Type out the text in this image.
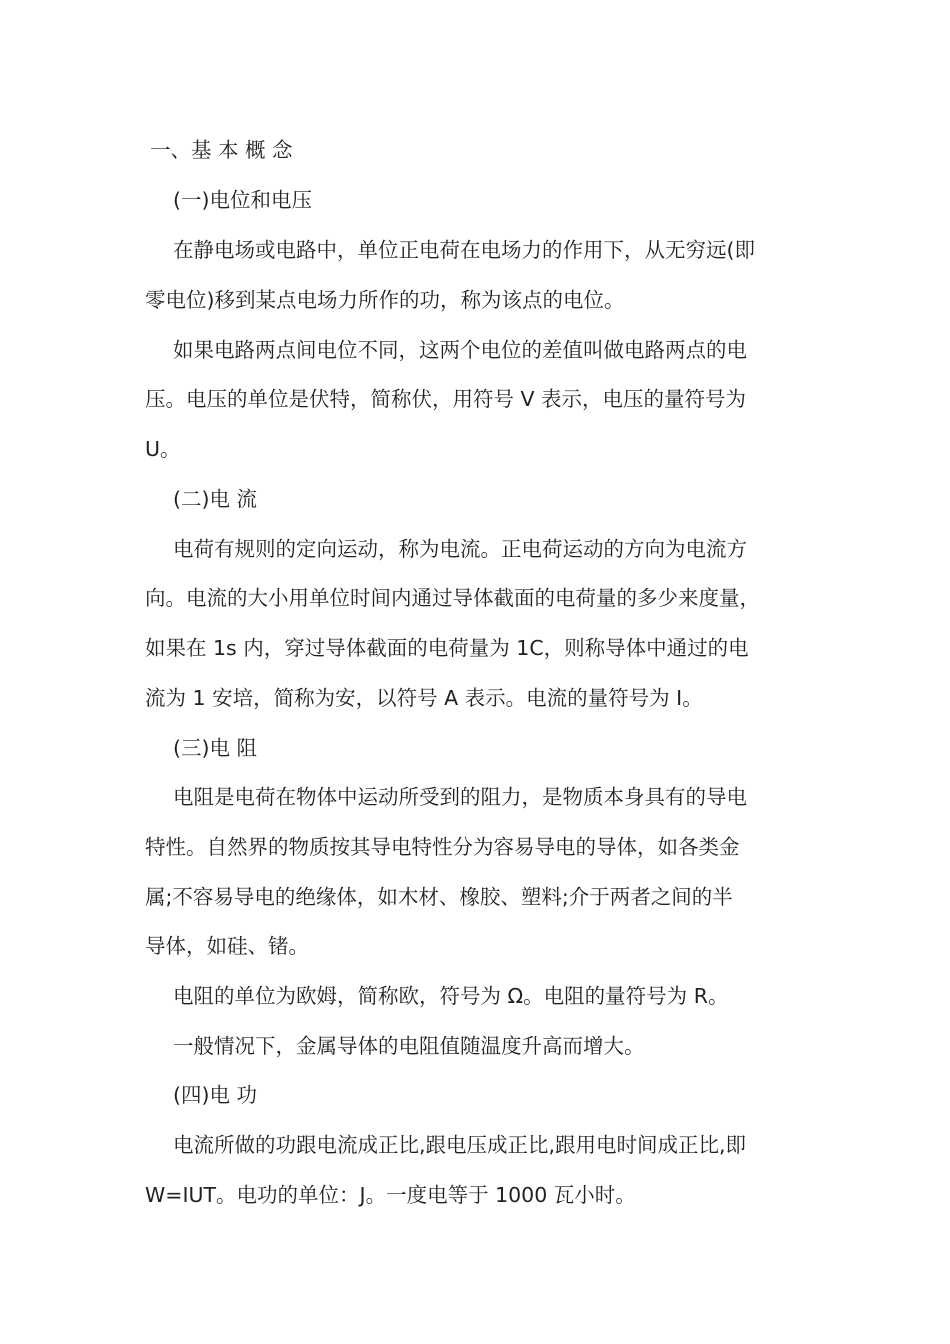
一、基 本 概 念
(一)电位和电压
在静电场或电路中，单位正电荷在电场力的作用下，从无穷远(即
零电位)移到某点电场力所作的功，称为该点的电位。
如果电路两点间电位不同，这两个电位的差值叫做电路两点的电
压。电压的单位是伏特，简称伏，用符号 V 表示，电压的量符号为
U。
(二)电 流
电荷有规则的定向运动，称为电流。正电荷运动的方向为电流方
向。电流的大小用单位时间内通过导体截面的电荷量的多少来度量，
如果在 1s 内，穿过导体截面的电荷量为 1C，则称导体中通过的电
流为 1 安培，简称为安，以符号 A 表示。电流的量符号为 I。
(三)电 阻
电阻是电荷在物体中运动所受到的阻力，是物质本身具有的导电
特性。自然界的物质按其导电特性分为容易导电的导体，如各类金
属;不容易导电的绝缘体，如木材、橡胶、塑料;介于两者之间的半
导体，如硅、锗。
电阻的单位为欧姆，简称欧，符号为 Ω。电阻的量符号为 R。
一般情况下，金属导体的电阻值随温度升高而增大。
(四)电 功
电流所做的功跟电流成正比,跟电压成正比,跟用电时间成正比,即
W=IUT。电功的单位：J。一度电等于 1000 瓦小时。
